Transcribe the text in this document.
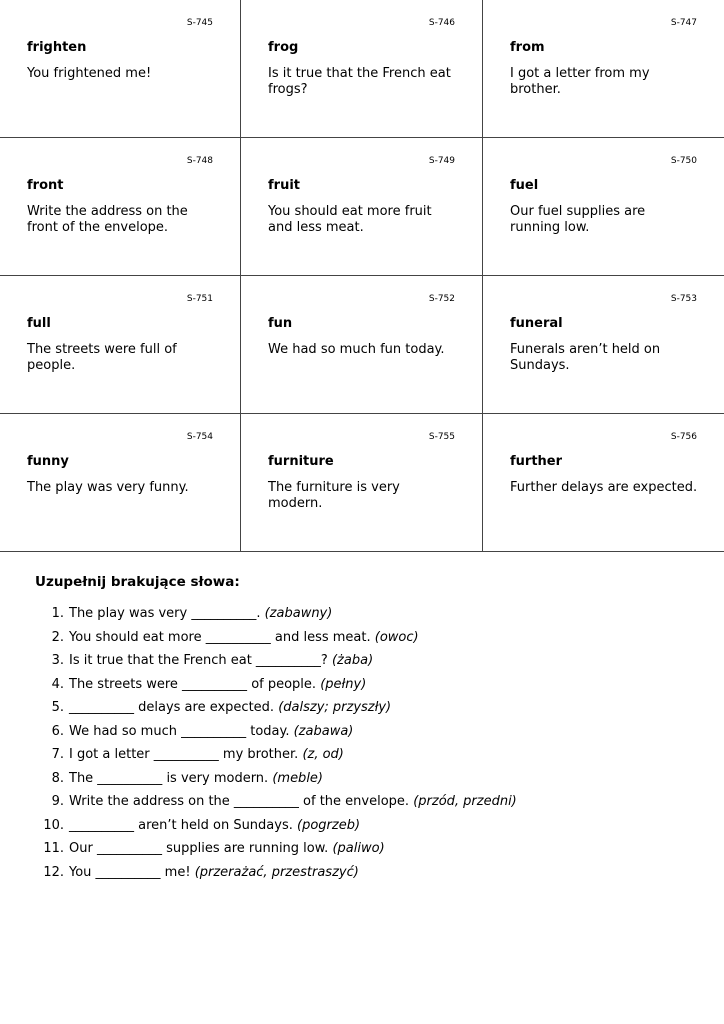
S-745
frighten
You frightened me!
S-746
frog
Is it true that the French eat frogs?
S-747
from
I got a letter from my brother.
S-748
front
Write the address on the front of the envelope.
S-749
fruit
You should eat more fruit and less meat.
S-750
fuel
Our fuel supplies are running low.
S-751
full
The streets were full of people.
S-752
fun
We had so much fun today.
S-753
funeral
Funerals aren’t held on Sundays.
S-754
funny
The play was very funny.
S-755
furniture
The furniture is very modern.
S-756
further
Further delays are expected.
Uzupełnij brakujące słowa:
1. The play was very __________. (zabawny)
2. You should eat more __________ and less meat. (owoc)
3. Is it true that the French eat __________? (żaba)
4. The streets were __________ of people. (pełny)
5. __________ delays are expected. (dalszy; przyszły)
6. We had so much __________ today. (zabawa)
7. I got a letter __________ my brother. (z, od)
8. The __________ is very modern. (meble)
9. Write the address on the __________ of the envelope. (przód, przedni)
10. __________ aren’t held on Sundays. (pogrzeb)
11. Our __________ supplies are running low. (paliwo)
12. You __________ me! (przerażać, przestraszyć)
